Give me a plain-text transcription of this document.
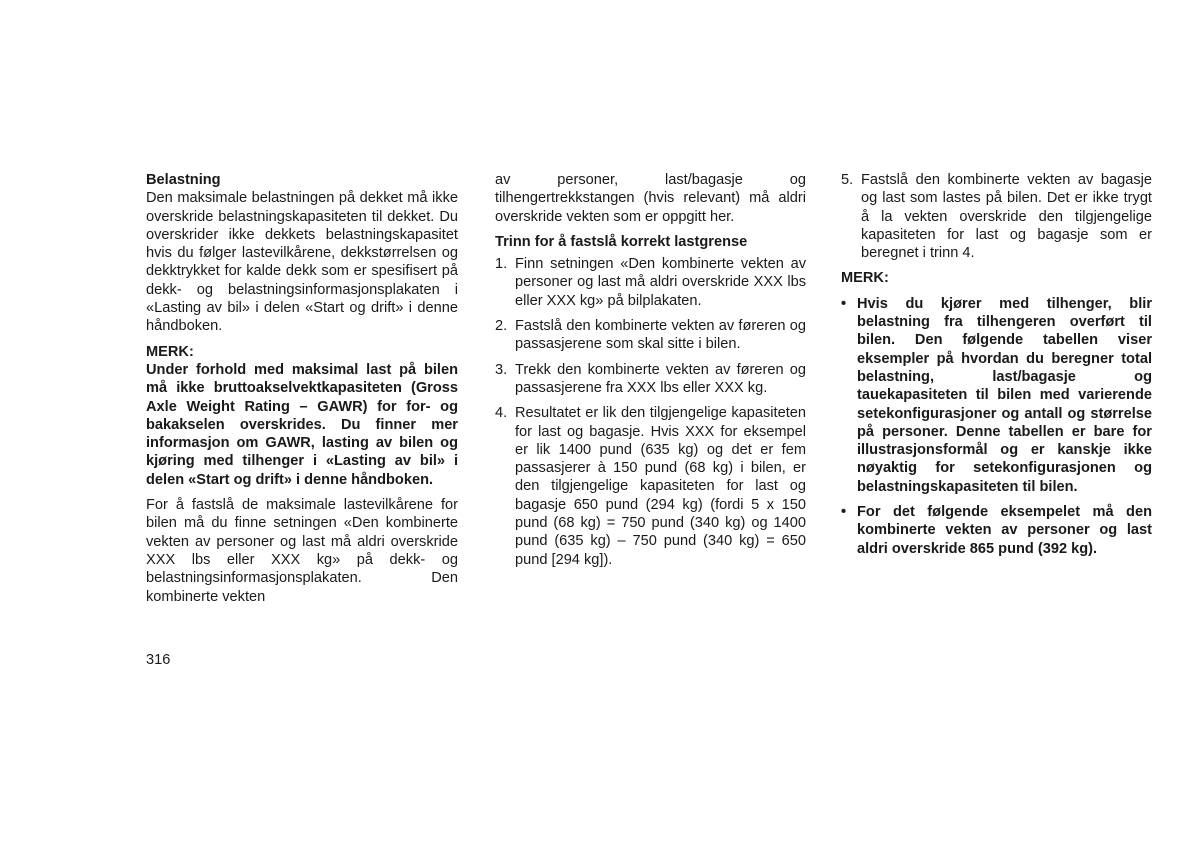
Belastning

Den maksimale belastningen på dekket må ikke overskride belastningskapasiteten til dekket. Du overskrider ikke dekkets belastningskapasitet hvis du følger lastevilkårene, dekkstørrelsen og dekktrykket for kalde dekk som er spesifisert på dekk- og belastningsinformasjonsplakaten i «Lasting av bil» i delen «Start og drift» i denne håndboken.

MERK:

Under forhold med maksimal last på bilen må ikke bruttoakselvektkapasiteten (Gross Axle Weight Rating – GAWR) for for- og bakakselen overskrides. Du finner mer informasjon om GAWR, lasting av bilen og kjøring med tilhenger i «Lasting av bil» i delen «Start og drift» i denne håndboken.

For å fastslå de maksimale lastevilkårene for bilen må du finne setningen «Den kombinerte vekten av personer og last må aldri overskride XXX lbs eller XXX kg» på dekk- og belastningsinformasjonsplakaten. Den kombinerte vekten

av personer, last/bagasje og tilhengertrekkstangen (hvis relevant) må aldri overskride vekten som er oppgitt her.

Trinn for å fastslå korrekt lastgrense

1. Finn setningen «Den kombinerte vekten av personer og last må aldri overskride XXX lbs eller XXX kg» på bilplakaten.
2. Fastslå den kombinerte vekten av føreren og passasjerene som skal sitte i bilen.
3. Trekk den kombinerte vekten av føreren og passasjerene fra XXX lbs eller XXX kg.
4. Resultatet er lik den tilgjengelige kapasiteten for last og bagasje. Hvis XXX for eksempel er lik 1400 pund (635 kg) og det er fem passasjerer à 150 pund (68 kg) i bilen, er den tilgjengelige kapasiteten for last og bagasje 650 pund (294 kg) (fordi 5 x 150 pund (68 kg) = 750 pund (340 kg) og 1400 pund (635 kg) – 750 pund (340 kg) = 650 pund [294 kg]).
5. Fastslå den kombinerte vekten av bagasje og last som lastes på bilen. Det er ikke trygt å la vekten overskride den tilgjengelige kapasiteten for last og bagasje som er beregnet i trinn 4.

MERK:

• Hvis du kjører med tilhenger, blir belastning fra tilhengeren overført til bilen. Den følgende tabellen viser eksempler på hvordan du beregner total belastning, last/bagasje og tauekapasiteten til bilen med varierende setekonfigurasjoner og antall og størrelse på personer. Denne tabellen er bare for illustrasjonsformål og er kanskje ikke nøyaktig for setekonfigurasjonen og belastningskapasiteten til bilen.
• For det følgende eksempelet må den kombinerte vekten av personer og last aldri overskride 865 pund (392 kg).
316
